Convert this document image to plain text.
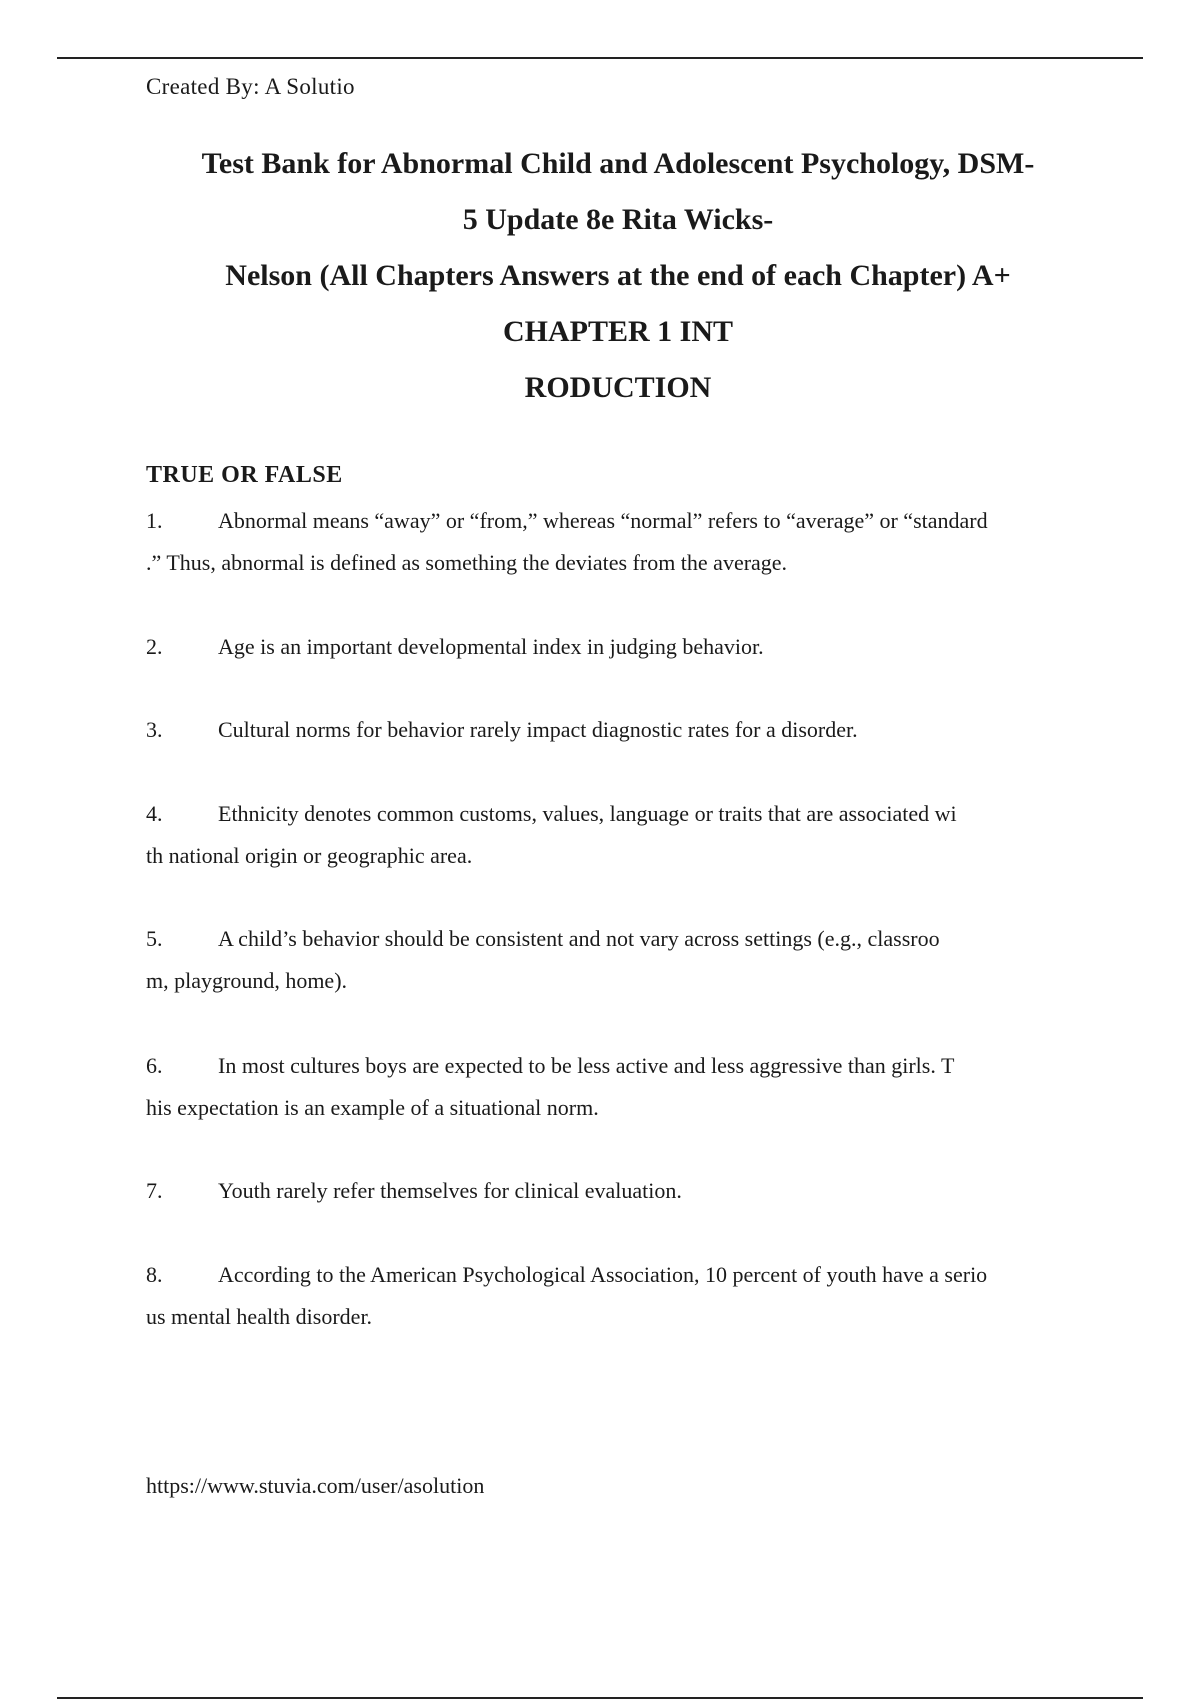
Created By: A Solutio
Test Bank for Abnormal Child and Adolescent Psychology, DSM-
5 Update 8e Rita Wicks-
Nelson (All Chapters Answers at the end of each Chapter) A+
CHAPTER 1 INT
RODUCTION
TRUE OR FALSE
1.	Abnormal means “away” or “from,” whereas “normal” refers to “average” or “standard
.” Thus, abnormal is defined as something the deviates from the average.
2.	Age is an important developmental index in judging behavior.
3.	Cultural norms for behavior rarely impact diagnostic rates for a disorder.
4.	Ethnicity denotes common customs, values, language or traits that are associated wi
th national origin or geographic area.
5.	A child’s behavior should be consistent and not vary across settings (e.g., classroo
m, playground, home).
6.	In most cultures boys are expected to be less active and less aggressive than girls. T
his expectation is an example of a situational norm.
7.	Youth rarely refer themselves for clinical evaluation.
8.	According to the American Psychological Association, 10 percent of youth have a serio
us mental health disorder.
https://www.stuvia.com/user/asolution
